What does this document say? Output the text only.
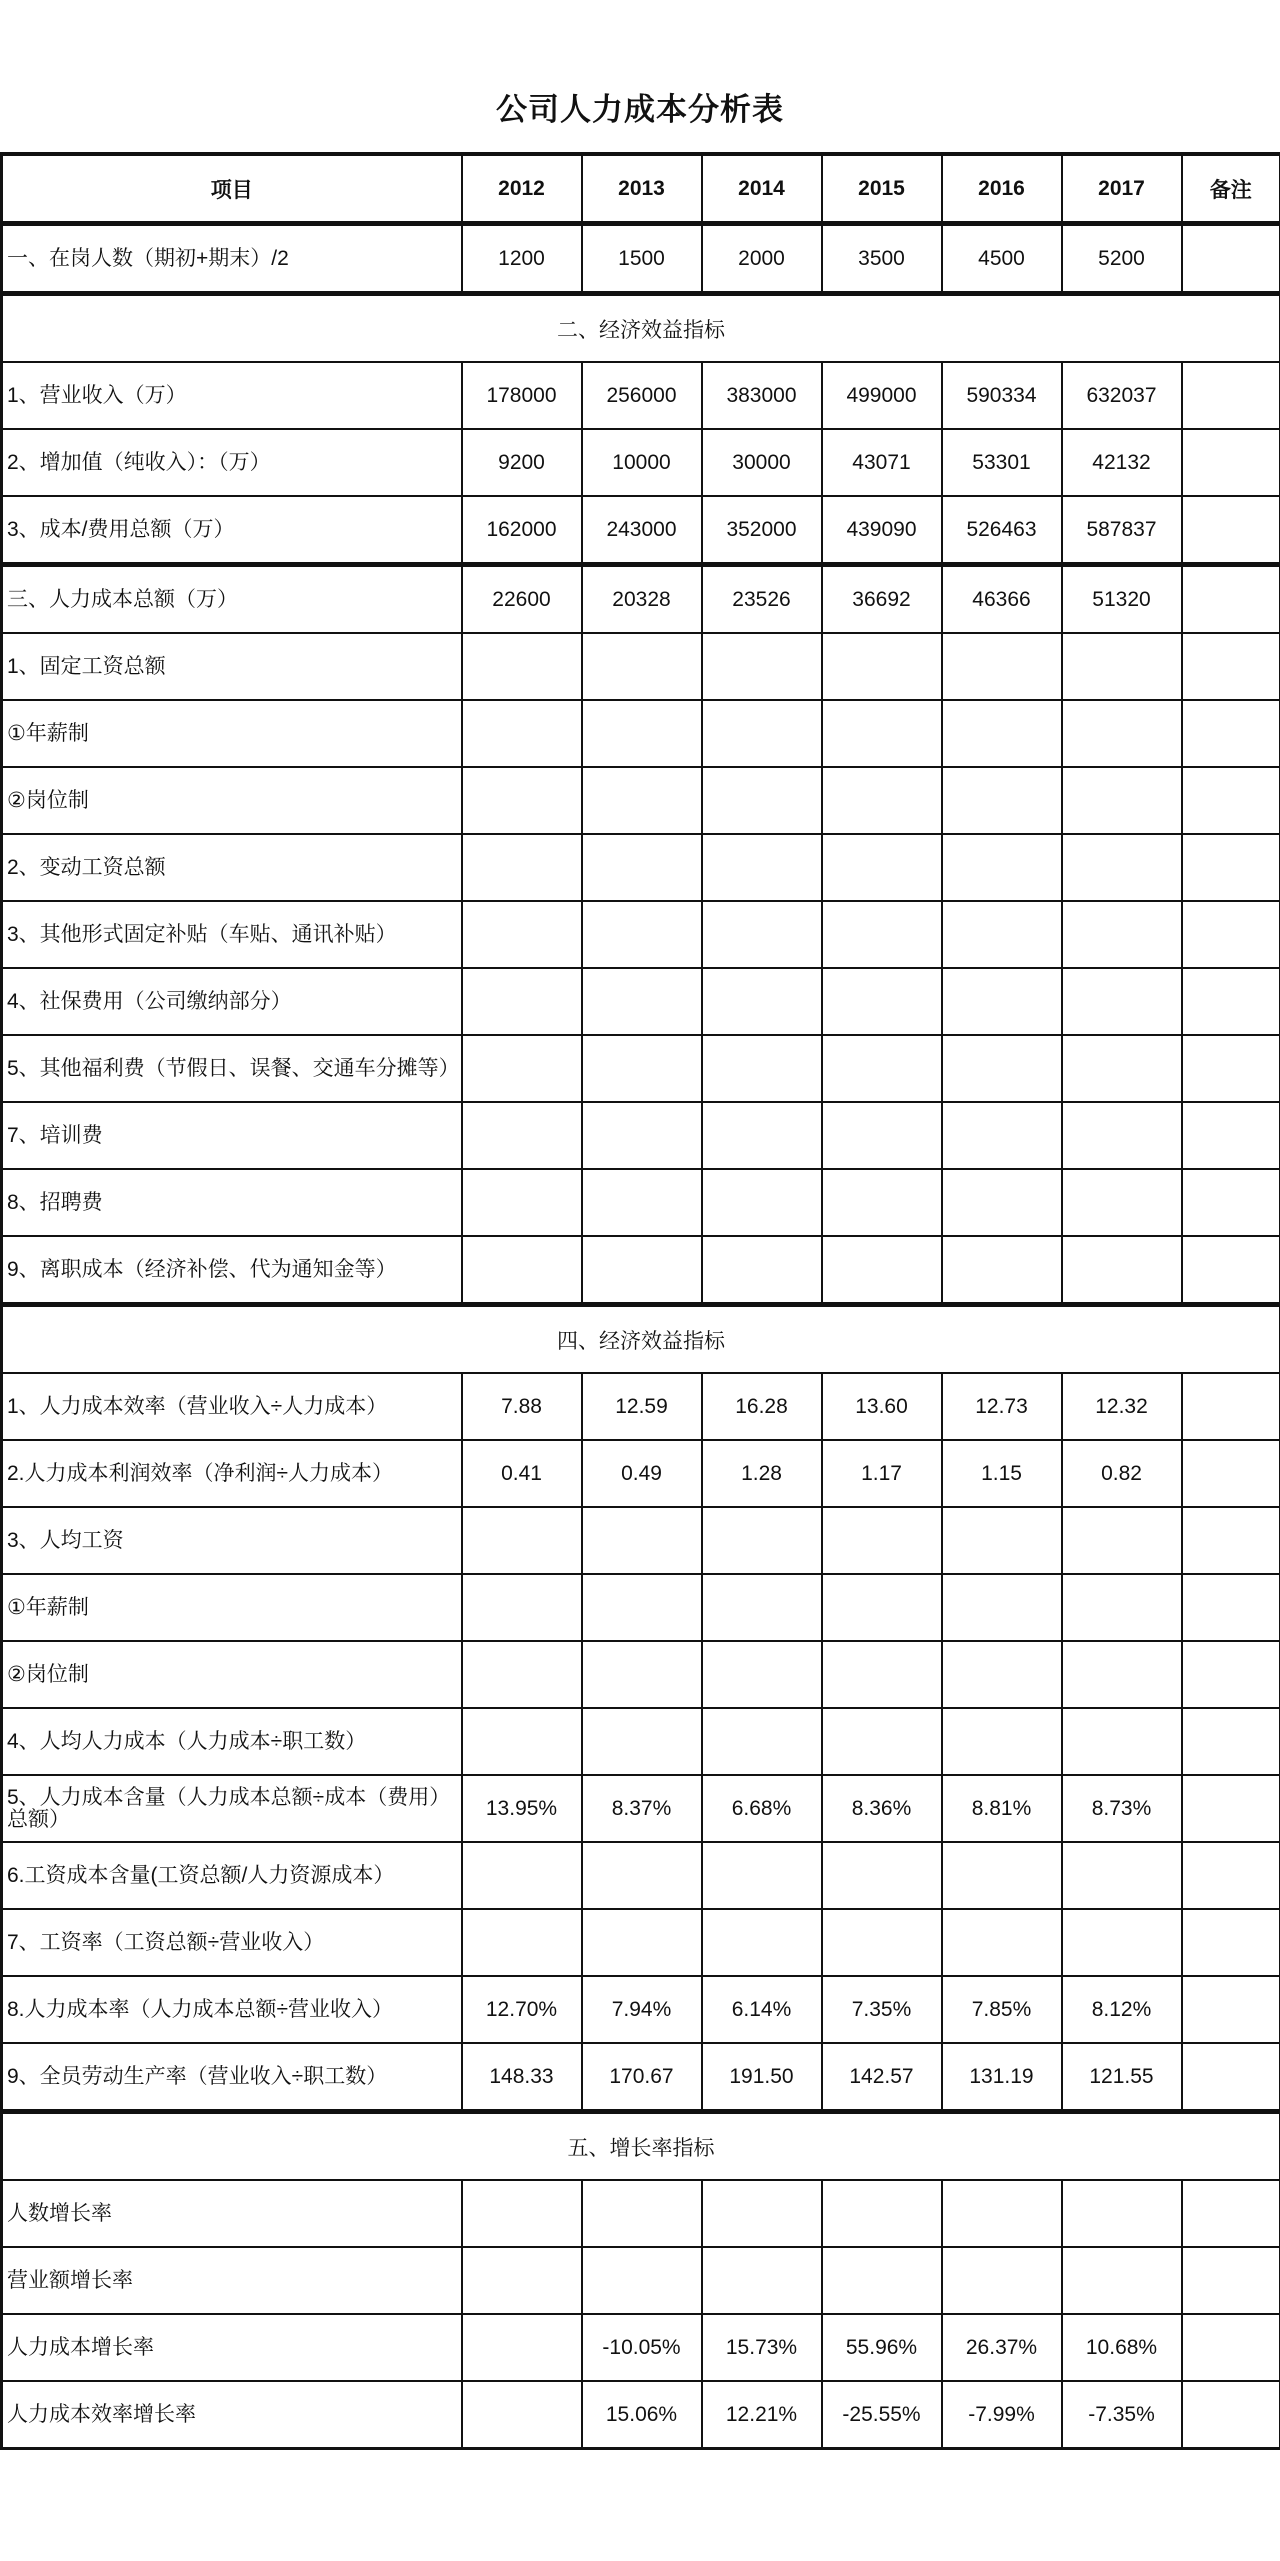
公司人力成本分析表
项目	2012	2013	2014	2015	2016	2017	备注
一、在岗人数（期初+期末）/2	1200	1500	2000	3500	4500	5200	
二、经济效益指标							
1、营业收入（万）	178000	256000	383000	499000	590334	632037	
2、增加值（纯收入）：（万）	9200	10000	30000	43071	53301	42132	
3、成本/费用总额（万）	162000	243000	352000	439090	526463	587837	
三、人力成本总额（万）	22600	20328	23526	36692	46366	51320	
1、固定工资总额							
①年薪制							
②岗位制							
2、变动工资总额							
3、其他形式固定补贴（车贴、通讯补贴）							
4、社保费用（公司缴纳部分）							
5、其他福利费（节假日、误餐、交通车分摊等）							
7、培训费							
8、招聘费							
9、离职成本（经济补偿、代为通知金等）							
四、经济效益指标							
1、人力成本效率（营业收入÷人力成本）	7.88	12.59	16.28	13.60	12.73	12.32	
2.人力成本利润效率（净利润÷人力成本）	0.41	0.49	1.28	1.17	1.15	0.82	
3、人均工资							
①年薪制							
②岗位制							
4、人均人力成本（人力成本÷职工数）							
5、人力成本含量（人力成本总额÷成本（费用）总额）	13.95%	8.37%	6.68%	8.36%	8.81%	8.73%	
6.工资成本含量(工资总额/人力资源成本）							
7、工资率（工资总额÷营业收入）							
8.人力成本率（人力成本总额÷营业收入）	12.70%	7.94%	6.14%	7.35%	7.85%	8.12%	
9、全员劳动生产率（营业收入÷职工数）	148.33	170.67	191.50	142.57	131.19	121.55	
五、增长率指标							
人数增长率							
营业额增长率							
人力成本增长率		-10.05%	15.73%	55.96%	26.37%	10.68%	
人力成本效率增长率		15.06%	12.21%	-25.55%	-7.99%	-7.35%	
